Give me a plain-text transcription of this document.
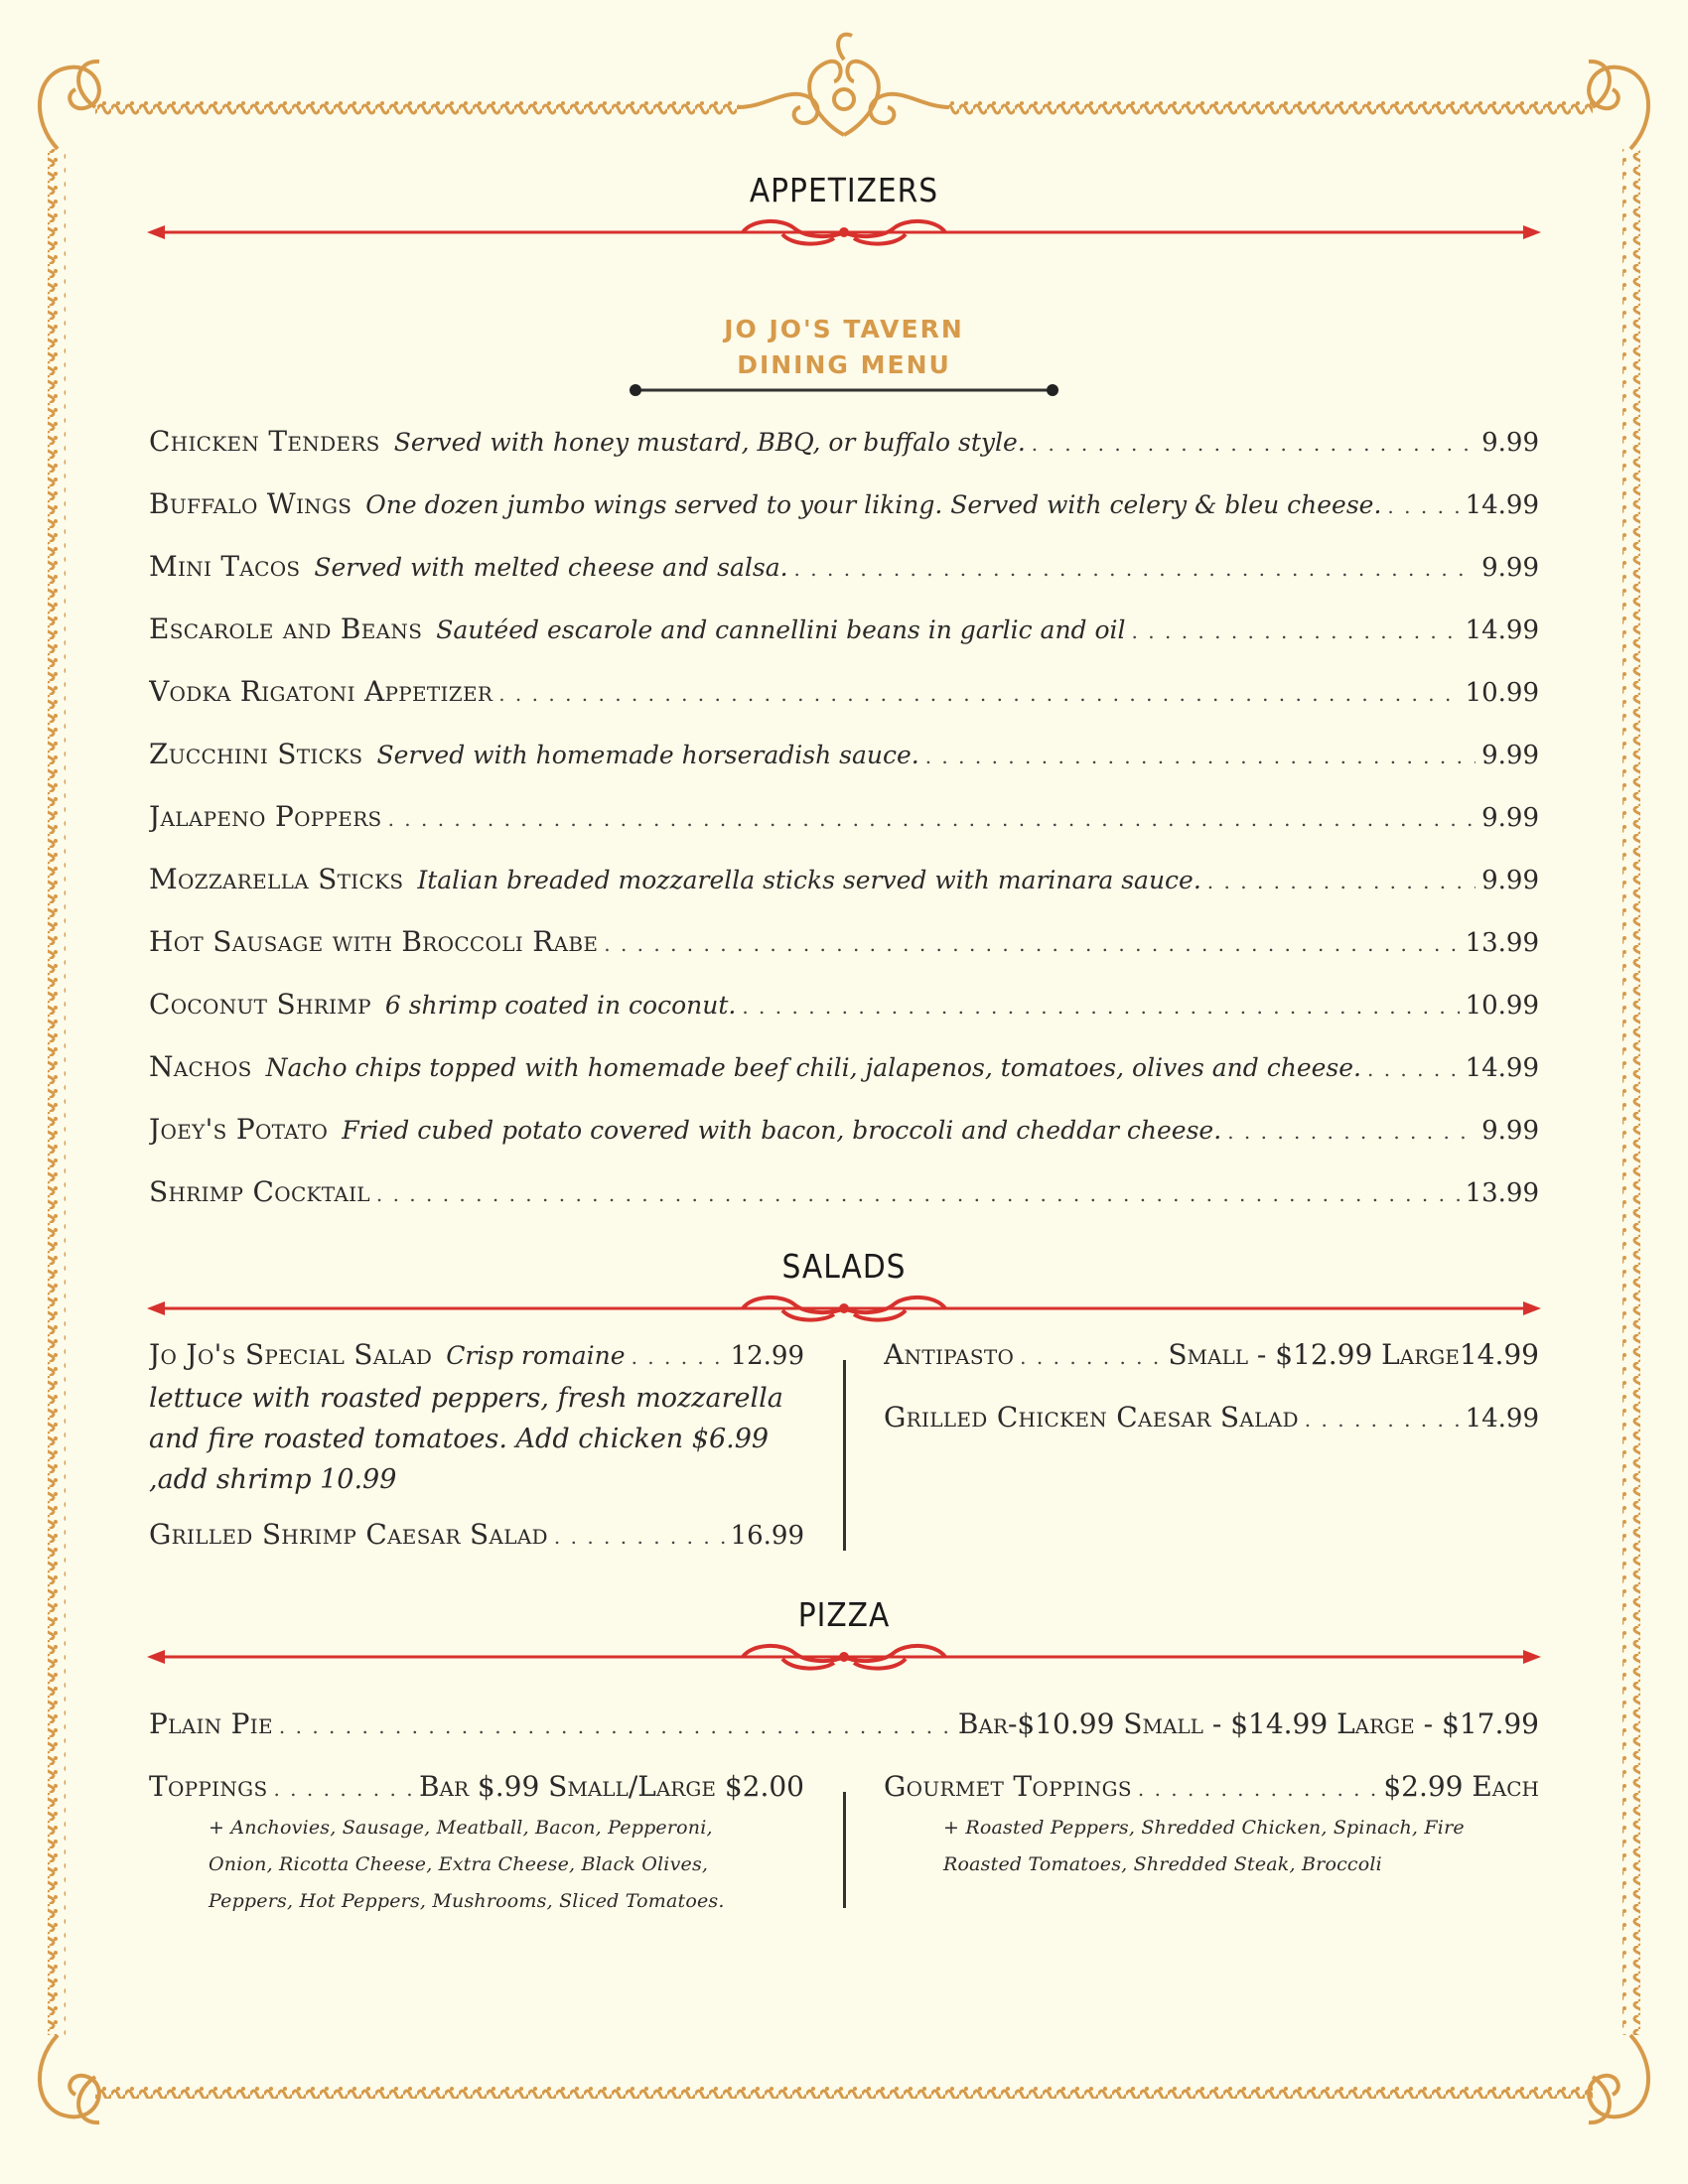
APPETIZERS
JO JO'S TAVERN
DINING MENU
Chicken Tenders Served with honey mustard, BBQ, or buffalo style. . . .	9.99
Buffalo Wings One dozen jumbo wings served to your liking. Served with celery & bleu cheese. . . .	14.99
Mini Tacos Served with melted cheese and salsa. . . .	9.99
Escarole and Beans Sautéed escarole and cannellini beans in garlic and oil . . .	14.99
Vodka Rigatoni Appetizer . . .	10.99
Zucchini Sticks Served with homemade horseradish sauce. . . .	9.99
Jalapeno Poppers . . .	9.99
Mozzarella Sticks Italian breaded mozzarella sticks served with marinara sauce. . . .	9.99
Hot Sausage with Broccoli Rabe . . .	13.99
Coconut Shrimp 6 shrimp coated in coconut. . . .	10.99
Nachos Nacho chips topped with homemade beef chili, jalapenos, tomatoes, olives and cheese. . . .	14.99
Joey's Potato Fried cubed potato covered with bacon, broccoli and cheddar cheese. . . .	9.99
Shrimp Cocktail . . .	13.99
SALADS
Jo Jo's Special Salad Crisp romaine . . .	12.99
lettuce with roasted peppers, fresh mozzarella and fire roasted tomatoes. Add chicken $6.99 ,add shrimp 10.99
Grilled Shrimp Caesar Salad . . .	16.99
Antipasto . . .	Small - $12.99 Large14.99
Grilled Chicken Caesar Salad . . .	14.99
PIZZA
Plain Pie . . .	Bar-$10.99 Small - $14.99 Large - $17.99
Toppings . . .	Bar $.99 Small/Large $2.00
+ Anchovies, Sausage, Meatball, Bacon, Pepperoni, Onion, Ricotta Cheese, Extra Cheese, Black Olives, Peppers, Hot Peppers, Mushrooms, Sliced Tomatoes.
Gourmet Toppings . . .	$2.99 Each
+ Roasted Peppers, Shredded Chicken, Spinach, Fire Roasted Tomatoes, Shredded Steak, Broccoli
